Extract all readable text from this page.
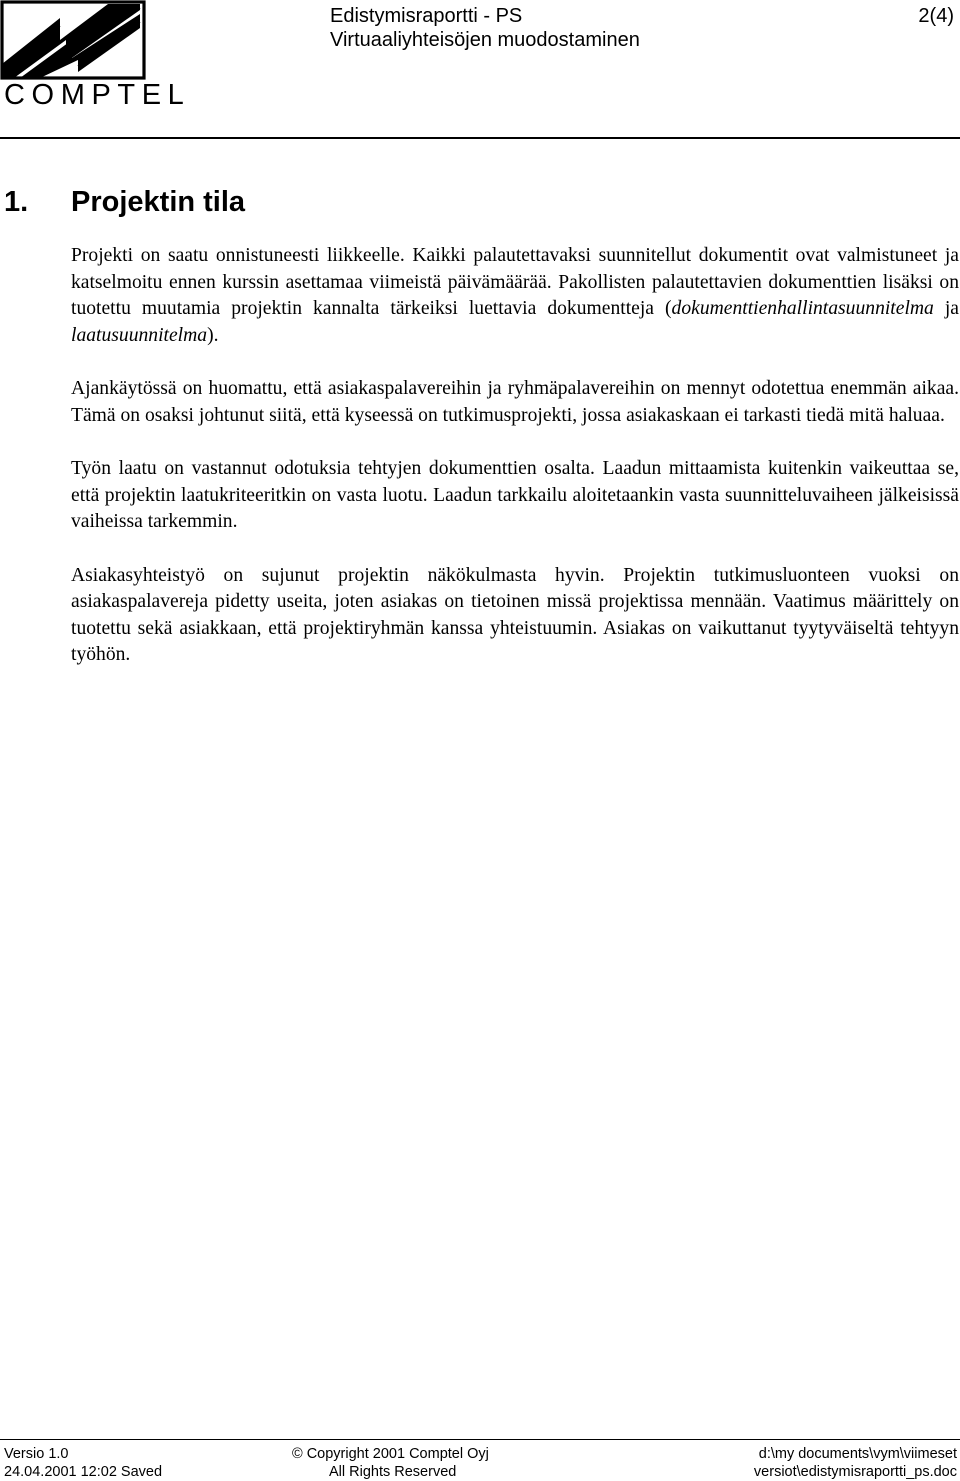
COMPTEL
Edistymisraportti - PS
Virtuaaliyhteisöjen muodostaminen
2(4)
1. Projektin tila

Projekti on saatu onnistuneesti liikkeelle. Kaikki palautettavaksi suunnitellut dokumentit ovat valmistuneet ja katselmoitu ennen kurssin asettamaa viimeistä päivämäärää. Pakollisten palautettavien dokumenttien lisäksi on tuotettu muutamia projektin kannalta tärkeiksi luettavia dokumentteja (dokumenttienhallintasuunnitelma ja laatusuunnitelma).

Ajankäytössä on huomattu, että asiakaspalavereihin ja ryhmäpalavereihin on mennyt odotettua enemmän aikaa. Tämä on osaksi johtunut siitä, että kyseessä on tutkimusprojekti, jossa asiakaskaan ei tarkasti tiedä mitä haluaa.

Työn laatu on vastannut odotuksia tehtyjen dokumenttien osalta. Laadun mittaamista kuitenkin vaikeuttaa se, että projektin laatukriteeritkin on vasta luotu. Laadun tarkkailu aloitetaankin vasta suunnitteluvaiheen jälkeisissä vaiheissa tarkemmin.

Asiakasyhteistyö on sujunut projektin näkökulmasta hyvin. Projektin tutkimusluonteen vuoksi on asiakaspalavereja pidetty useita, joten asiakas on tietoinen missä projektissa mennään. Vaatimus määrittely on tuotettu sekä asiakkaan, että projektiryhmän kanssa yhteistuumin. Asiakas on vaikuttanut tyytyväiseltä tehtyyn työhön.

Versio 1.0
24.04.2001 12:02 Saved
© Copyright 2001 Comptel Oyj
All Rights Reserved
d:\my documents\vym\viimeset
versiot\edistymisraportti_ps.doc
